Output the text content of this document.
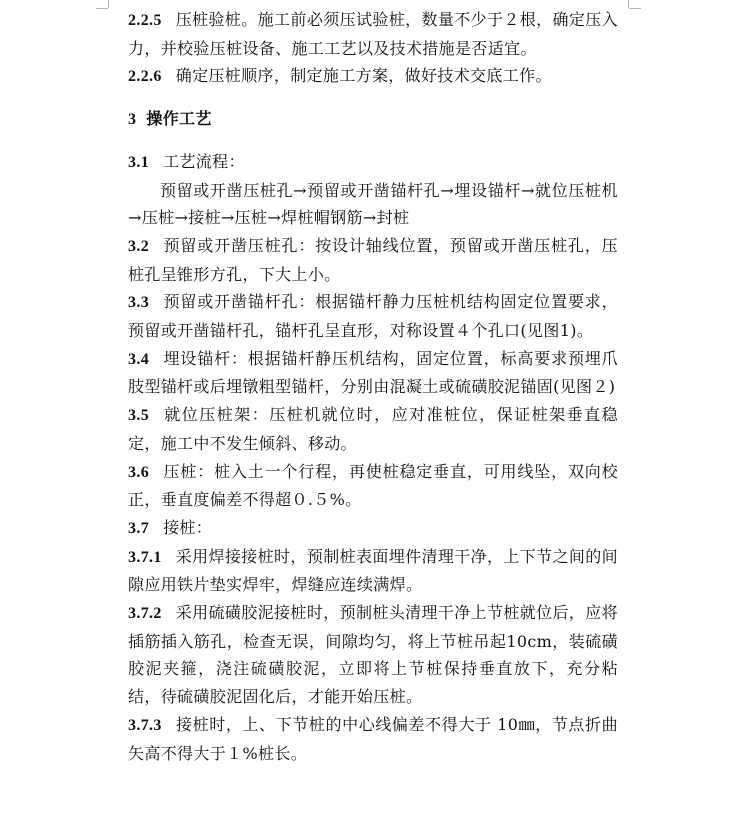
2.2.5 压桩验桩。施工前必须压试验桩，数量不少于２根，确定压入力，并校验压桩设备、施工工艺以及技术措施是否适宜。

2.2.6 确定压桩顺序，制定施工方案，做好技术交底工作。

3 操作工艺

3.1 工艺流程：

预留或开凿压桩孔→预留或开凿锚杆孔→埋设锚杆→就位压桩机→压桩→接桩→压桩→焊桩帽钢筋→封桩

3.2 预留或开凿压桩孔：按设计轴线位置，预留或开凿压桩孔，压桩孔呈锥形方孔，下大上小。

3.3 预留或开凿锚杆孔：根据锚杆静力压桩机结构固定位置要求，预留或开凿锚杆孔，锚杆孔呈直形，对称设置４个孔口(见图1)。

3.4 埋设锚杆：根据锚杆静压机结构，固定位置，标高要求预埋爪肢型锚杆或后埋镦粗型锚杆，分别由混凝土或硫磺胶泥锚固(见图２)

3.5 就位压桩架：压桩机就位时，应对准桩位，保证桩架垂直稳定，施工中不发生倾斜、移动。

3.6 压桩：桩入土一个行程，再使桩稳定垂直，可用线坠，双向校正，垂直度偏差不得超０.５%。

3.7 接桩：

3.7.1 采用焊接接桩时，预制桩表面埋件清理干净，上下节之间的间隙应用铁片垫实焊牢，焊缝应连续满焊。

3.7.2 采用硫磺胶泥接桩时，预制桩头清理干净上节桩就位后，应将插筋插入筋孔，检查无误，间隙均匀，将上节桩吊起10cm，装硫磺胶泥夹箍，浇注硫磺胶泥，立即将上节桩保持垂直放下，充分粘结，待硫磺胶泥固化后，才能开始压桩。

3.7.3 接桩时，上、下节桩的中心线偏差不得大于 10㎜，节点折曲矢高不得大于１%桩长。
